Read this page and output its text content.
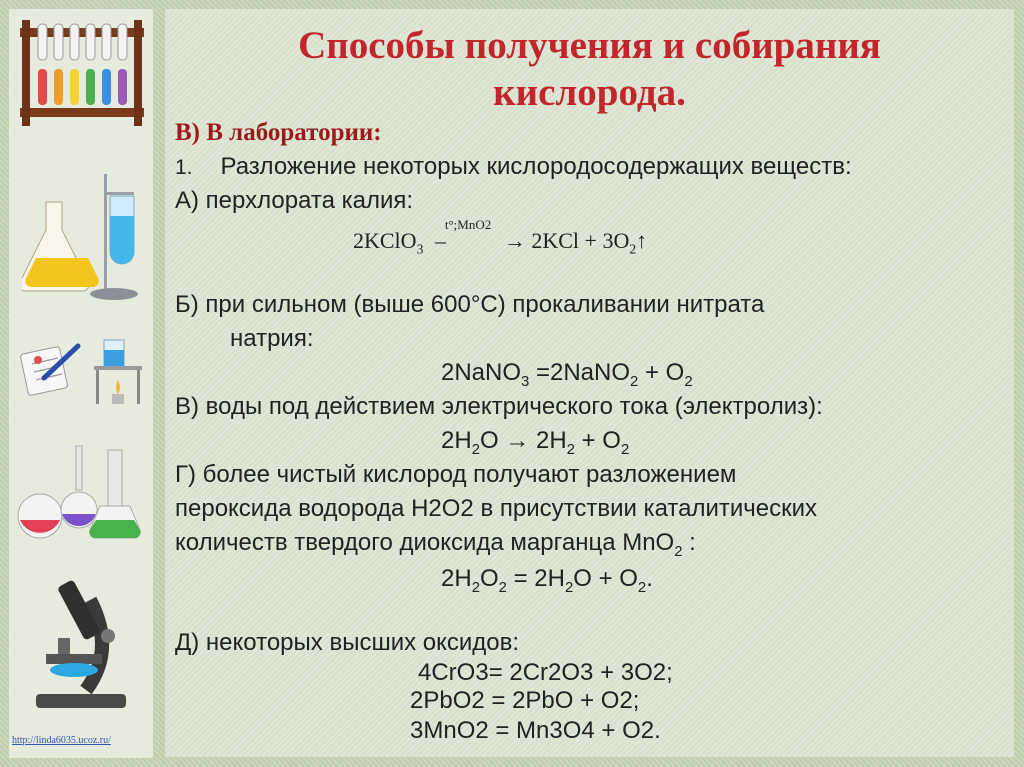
Способы получения и собирания
кислорода.
В) В лаборатории:
1. Разложение некоторых кислородосодержащих веществ:
А) перхлората калия:
2KClO$_3$
t°;MnO2
–	→ $2KCl + 3O_2↑$
Б) при сильном (выше 600°С) прокаливании нитрата
натрия:
2NaNO$_3$ =2NaNO$_2$ + $O_2$
В) воды под действием электрического тока (электролиз):
$2H_2O \to 2H_2 + O_2$
Г) более чистый кислород получают разложением
пероксида водорода H2O2 в присутствии каталитических
количеств твердого диоксида марганца MnO$_2$ :
$2H_2O_2 = 2H_2O + O_2$.
Д) некоторых высших оксидов:
4CrO3= 2Cr2O3 + 3O2;
2PbO2 = 2PbO + O2;
3MnO2 = Mn3O4 + O2.
http://linda6035.ucoz.ru/
